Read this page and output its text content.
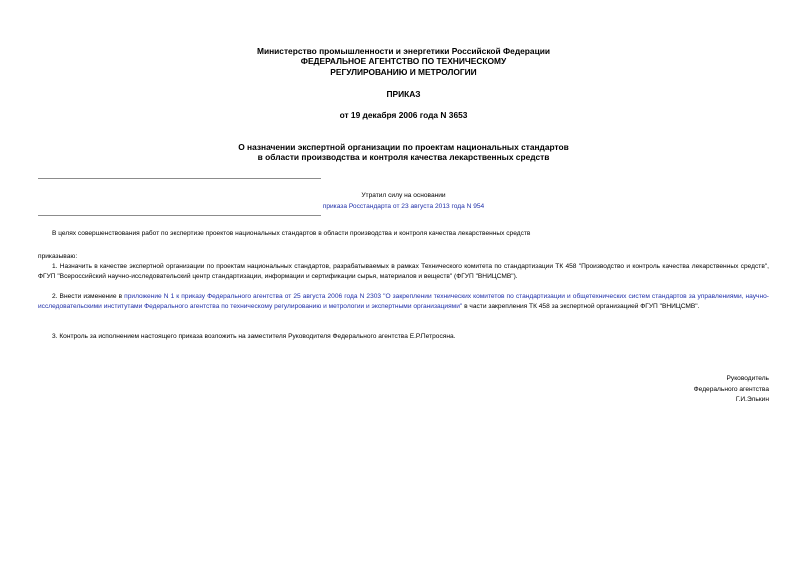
Министерство промышленности и энергетики Российской Федерации
ФЕДЕРАЛЬНОЕ АГЕНТСТВО ПО ТЕХНИЧЕСКОМУ
РЕГУЛИРОВАНИЮ И МЕТРОЛОГИИ
ПРИКАЗ
от 19 декабря 2006 года N 3653
О назначении экспертной организации по проектам национальных стандартов
в области производства и контроля качества лекарственных средств
Утратил силу на основании
приказа Росстандарта от 23 августа 2013 года N 954
В целях совершенствования работ по экспертизе проектов национальных стандартов в области производства и контроля качества лекарственных средств
приказываю:
1. Назначить в качестве экспертной организации по проектам национальных стандартов, разрабатываемых в рамках Технического комитета по стандартизации ТК 458 "Производство и контроль качества лекарственных средств", ФГУП "Всероссийский научно-исследовательский центр стандартизации, информации и сертификации сырья, материалов и веществ" (ФГУП "ВНИЦСМВ").
2. Внести изменение в приложение N 1 к приказу Федерального агентства от 25 августа 2006 года N 2303 "О закреплении технических комитетов по стандартизации и общетехнических систем стандартов за управлениями, научно-исследовательскими институтами Федерального агентства по техническому регулированию и метрологии и экспертными организациями" в части закрепления ТК 458 за экспертной организацией ФГУП "ВНИЦСМВ".
3. Контроль за исполнением настоящего приказа возложить на заместителя Руководителя Федерального агентства Е.Р.Петросяна.
Руководитель
Федерального агентства
Г.И.Элькин
